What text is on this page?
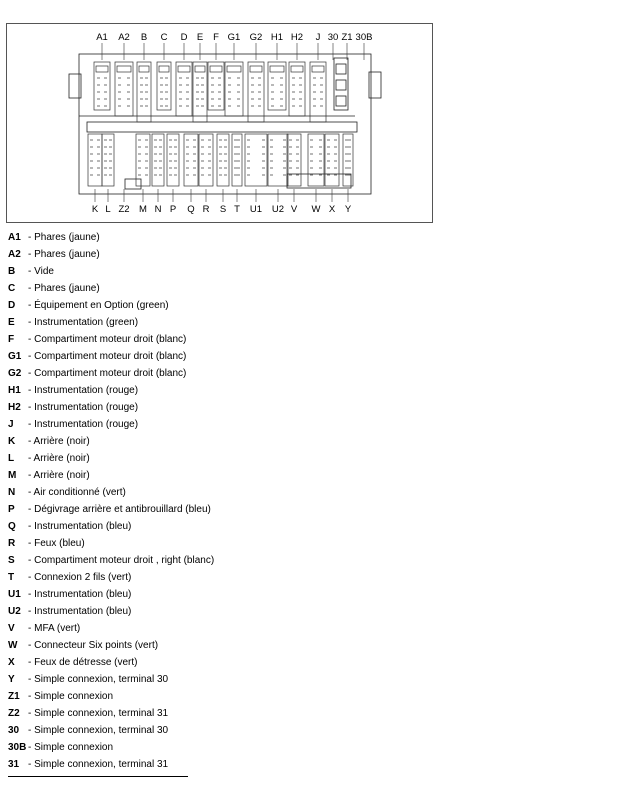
A1 A2 B C D E F G1 G2 H1 H2 J 30 Z1 30B
K L Z2 M N P Q R S T U1 U2 V W X Y
A1 - Phares (jaune)
A2 - Phares (jaune)
B - Vide
C - Phares (jaune)
D - Équipement en Option (green)
E - Instrumentation (green)
F - Compartiment moteur droit (blanc)
G1 - Compartiment moteur droit (blanc)
G2 - Compartiment moteur droit (blanc)
H1 - Instrumentation (rouge)
H2 - Instrumentation (rouge)
J - Instrumentation (rouge)
K - Arrière (noir)
L - Arrière (noir)
M - Arrière (noir)
N - Air conditionné (vert)
P - Dégivrage arrière et antibrouillard (bleu)
Q - Instrumentation (bleu)
R - Feux (bleu)
S - Compartiment moteur droit , right (blanc)
T - Connexion 2 fils (vert)
U1 - Instrumentation (bleu)
U2 - Instrumentation (bleu)
V - MFA (vert)
W - Connecteur Six points (vert)
X - Feux de détresse (vert)
Y - Simple connexion, terminal 30
Z1 - Simple connexion
Z2 - Simple connexion, terminal 31
30 - Simple connexion, terminal 30
30B - Simple connexion
31 - Simple connexion, terminal 31
